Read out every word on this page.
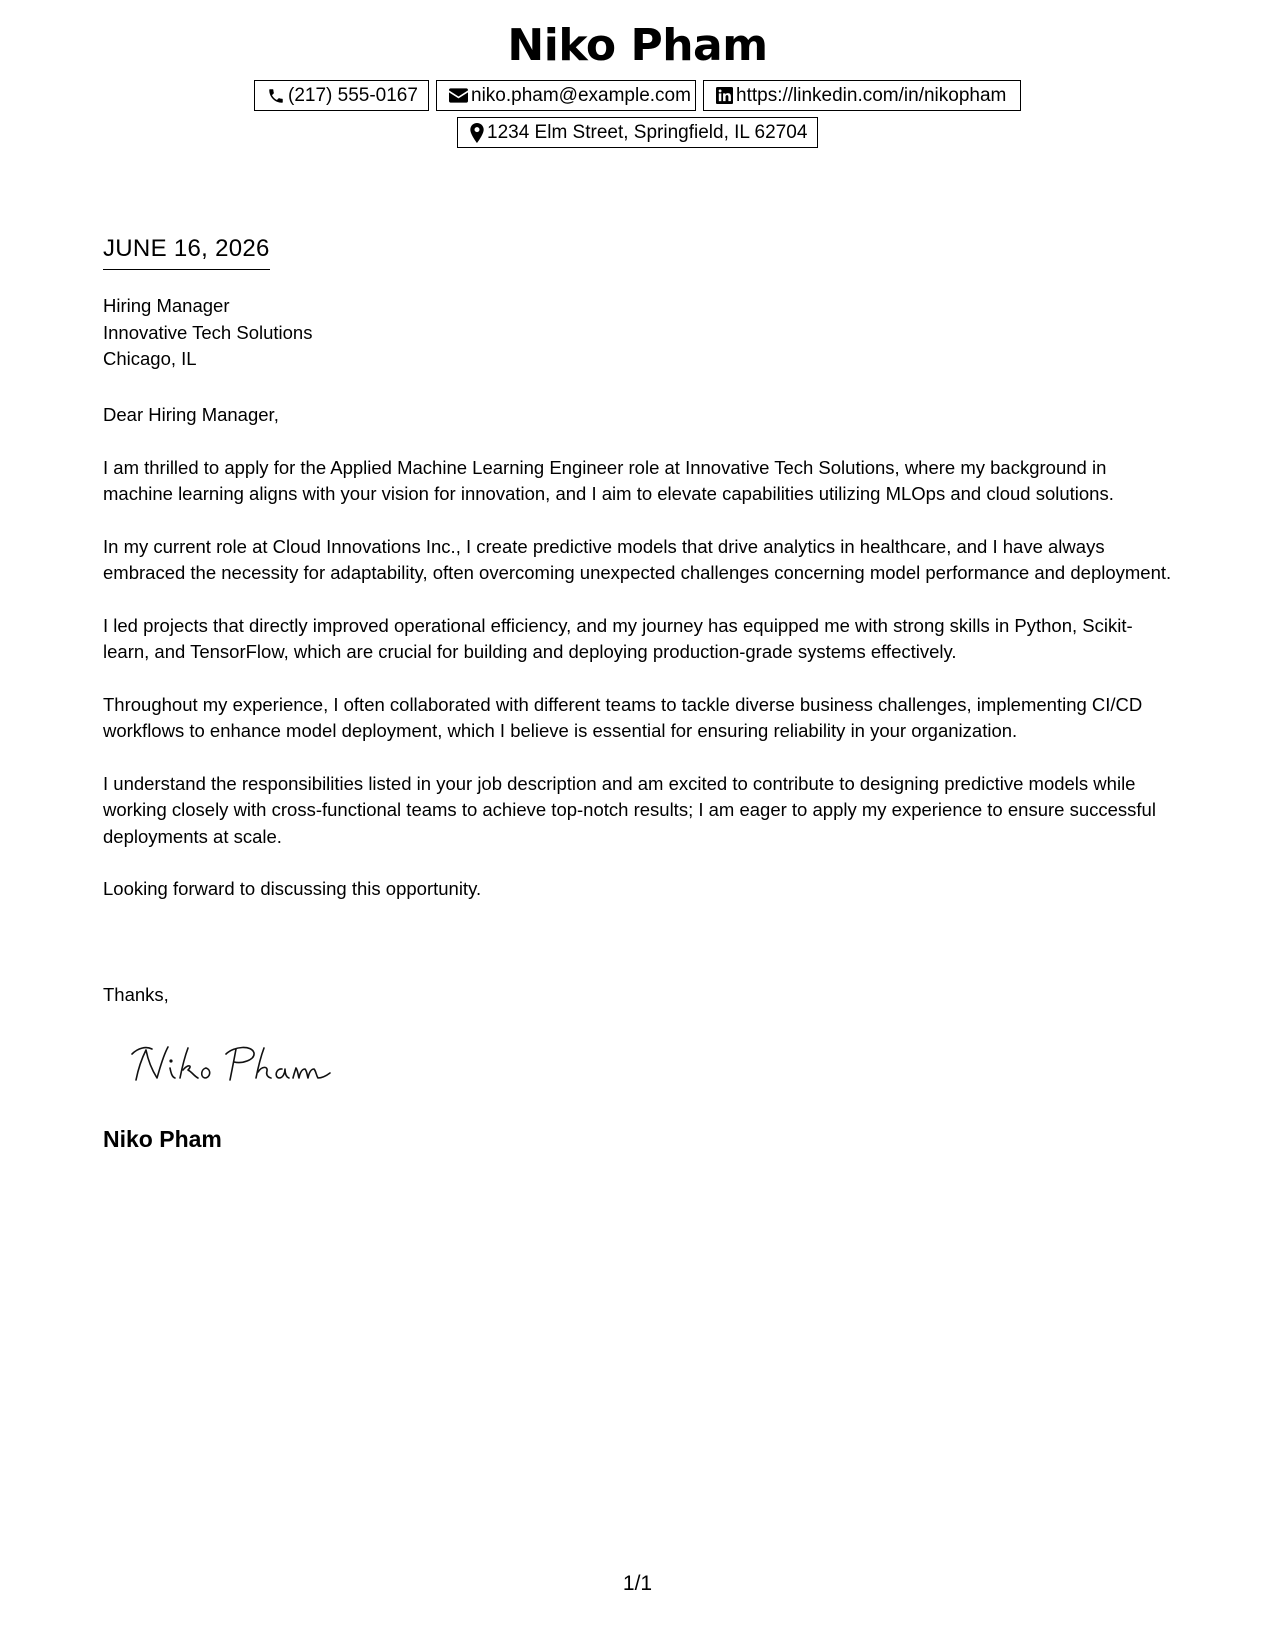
Niko Pham
(217) 555-0167	niko.pham@example.com https://linkedin.com/in/nikopham
1234 Elm Street, Springfield, IL 62704
JUNE 16, 2026
Hiring Manager
Innovative Tech Solutions
Chicago, IL

Dear Hiring Manager,

I am thrilled to apply for the Applied Machine Learning Engineer role at Innovative Tech Solutions, where my background in machine learning aligns with your vision for innovation, and I aim to elevate capabilities utilizing MLOps and cloud solutions.

In my current role at Cloud Innovations Inc., I create predictive models that drive analytics in healthcare, and I have always embraced the necessity for adaptability, often overcoming unexpected challenges concerning model performance and deployment.

I led projects that directly improved operational efficiency, and my journey has equipped me with strong skills in Python, Scikit-learn, and TensorFlow, which are crucial for building and deploying production-grade systems effectively.

Throughout my experience, I often collaborated with different teams to tackle diverse business challenges, implementing CI/CD workflows to enhance model deployment, which I believe is essential for ensuring reliability in your organization.

I understand the responsibilities listed in your job description and am excited to contribute to designing predictive models while working closely with cross-functional teams to achieve top-notch results; I am eager to apply my experience to ensure successful deployments at scale.

Looking forward to discussing this opportunity.

Thanks,
Niko Pham
1/1
